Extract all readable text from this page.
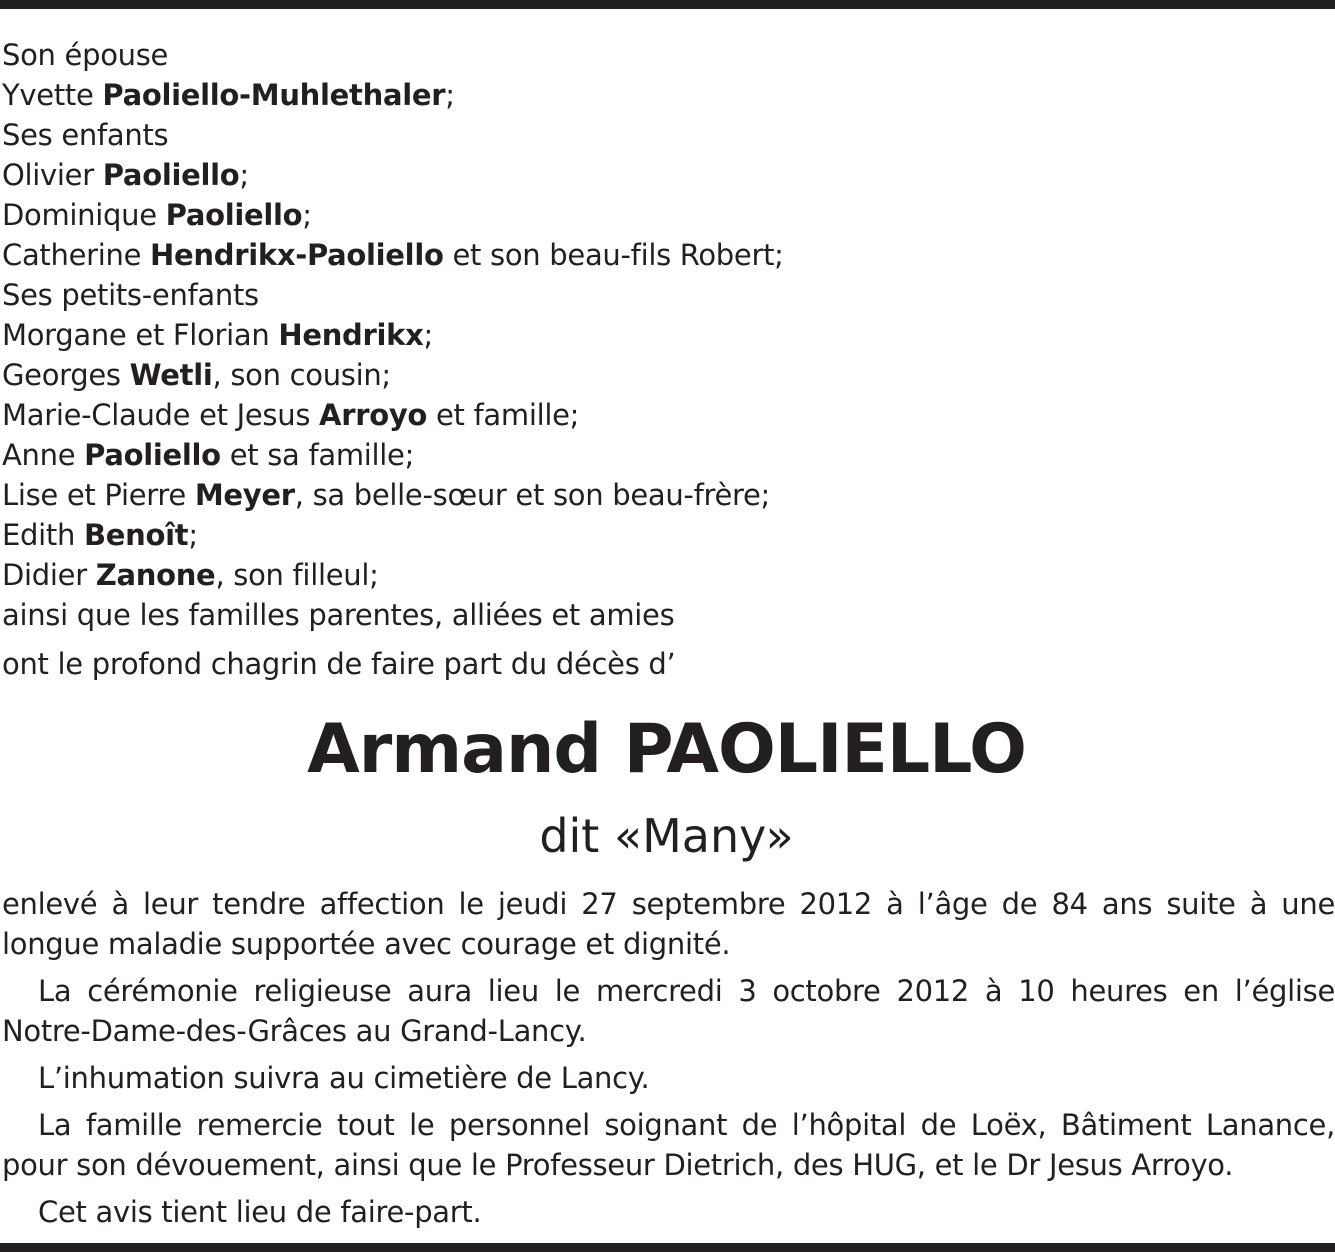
Son épouse
Yvette Paoliello-Muhlethaler;
Ses enfants
Olivier Paoliello;
Dominique Paoliello;
Catherine Hendrikx-Paoliello et son beau-fils Robert;
Ses petits-enfants
Morgane et Florian Hendrikx;
Georges Wetli, son cousin;
Marie-Claude et Jesus Arroyo et famille;
Anne Paoliello et sa famille;
Lise et Pierre Meyer, sa belle-sœur et son beau-frère;
Edith Benoît;
Didier Zanone, son filleul;
ainsi que les familles parentes, alliées et amies
ont le profond chagrin de faire part du décès d’
Armand PAOLIELLO
dit «Many»
enlevé à leur tendre affection le jeudi 27 septembre 2012 à l’âge de 84 ans suite à une longue maladie supportée avec courage et dignité.
La cérémonie religieuse aura lieu le mercredi 3 octobre 2012 à 10 heures en l’église Notre-Dame-des-Grâces au Grand-Lancy.
L’inhumation suivra au cimetière de Lancy.
La famille remercie tout le personnel soignant de l’hôpital de Loëx, Bâtiment Lanance, pour son dévouement, ainsi que le Professeur Dietrich, des HUG, et le Dr Jesus Arroyo.
Cet avis tient lieu de faire-part.
